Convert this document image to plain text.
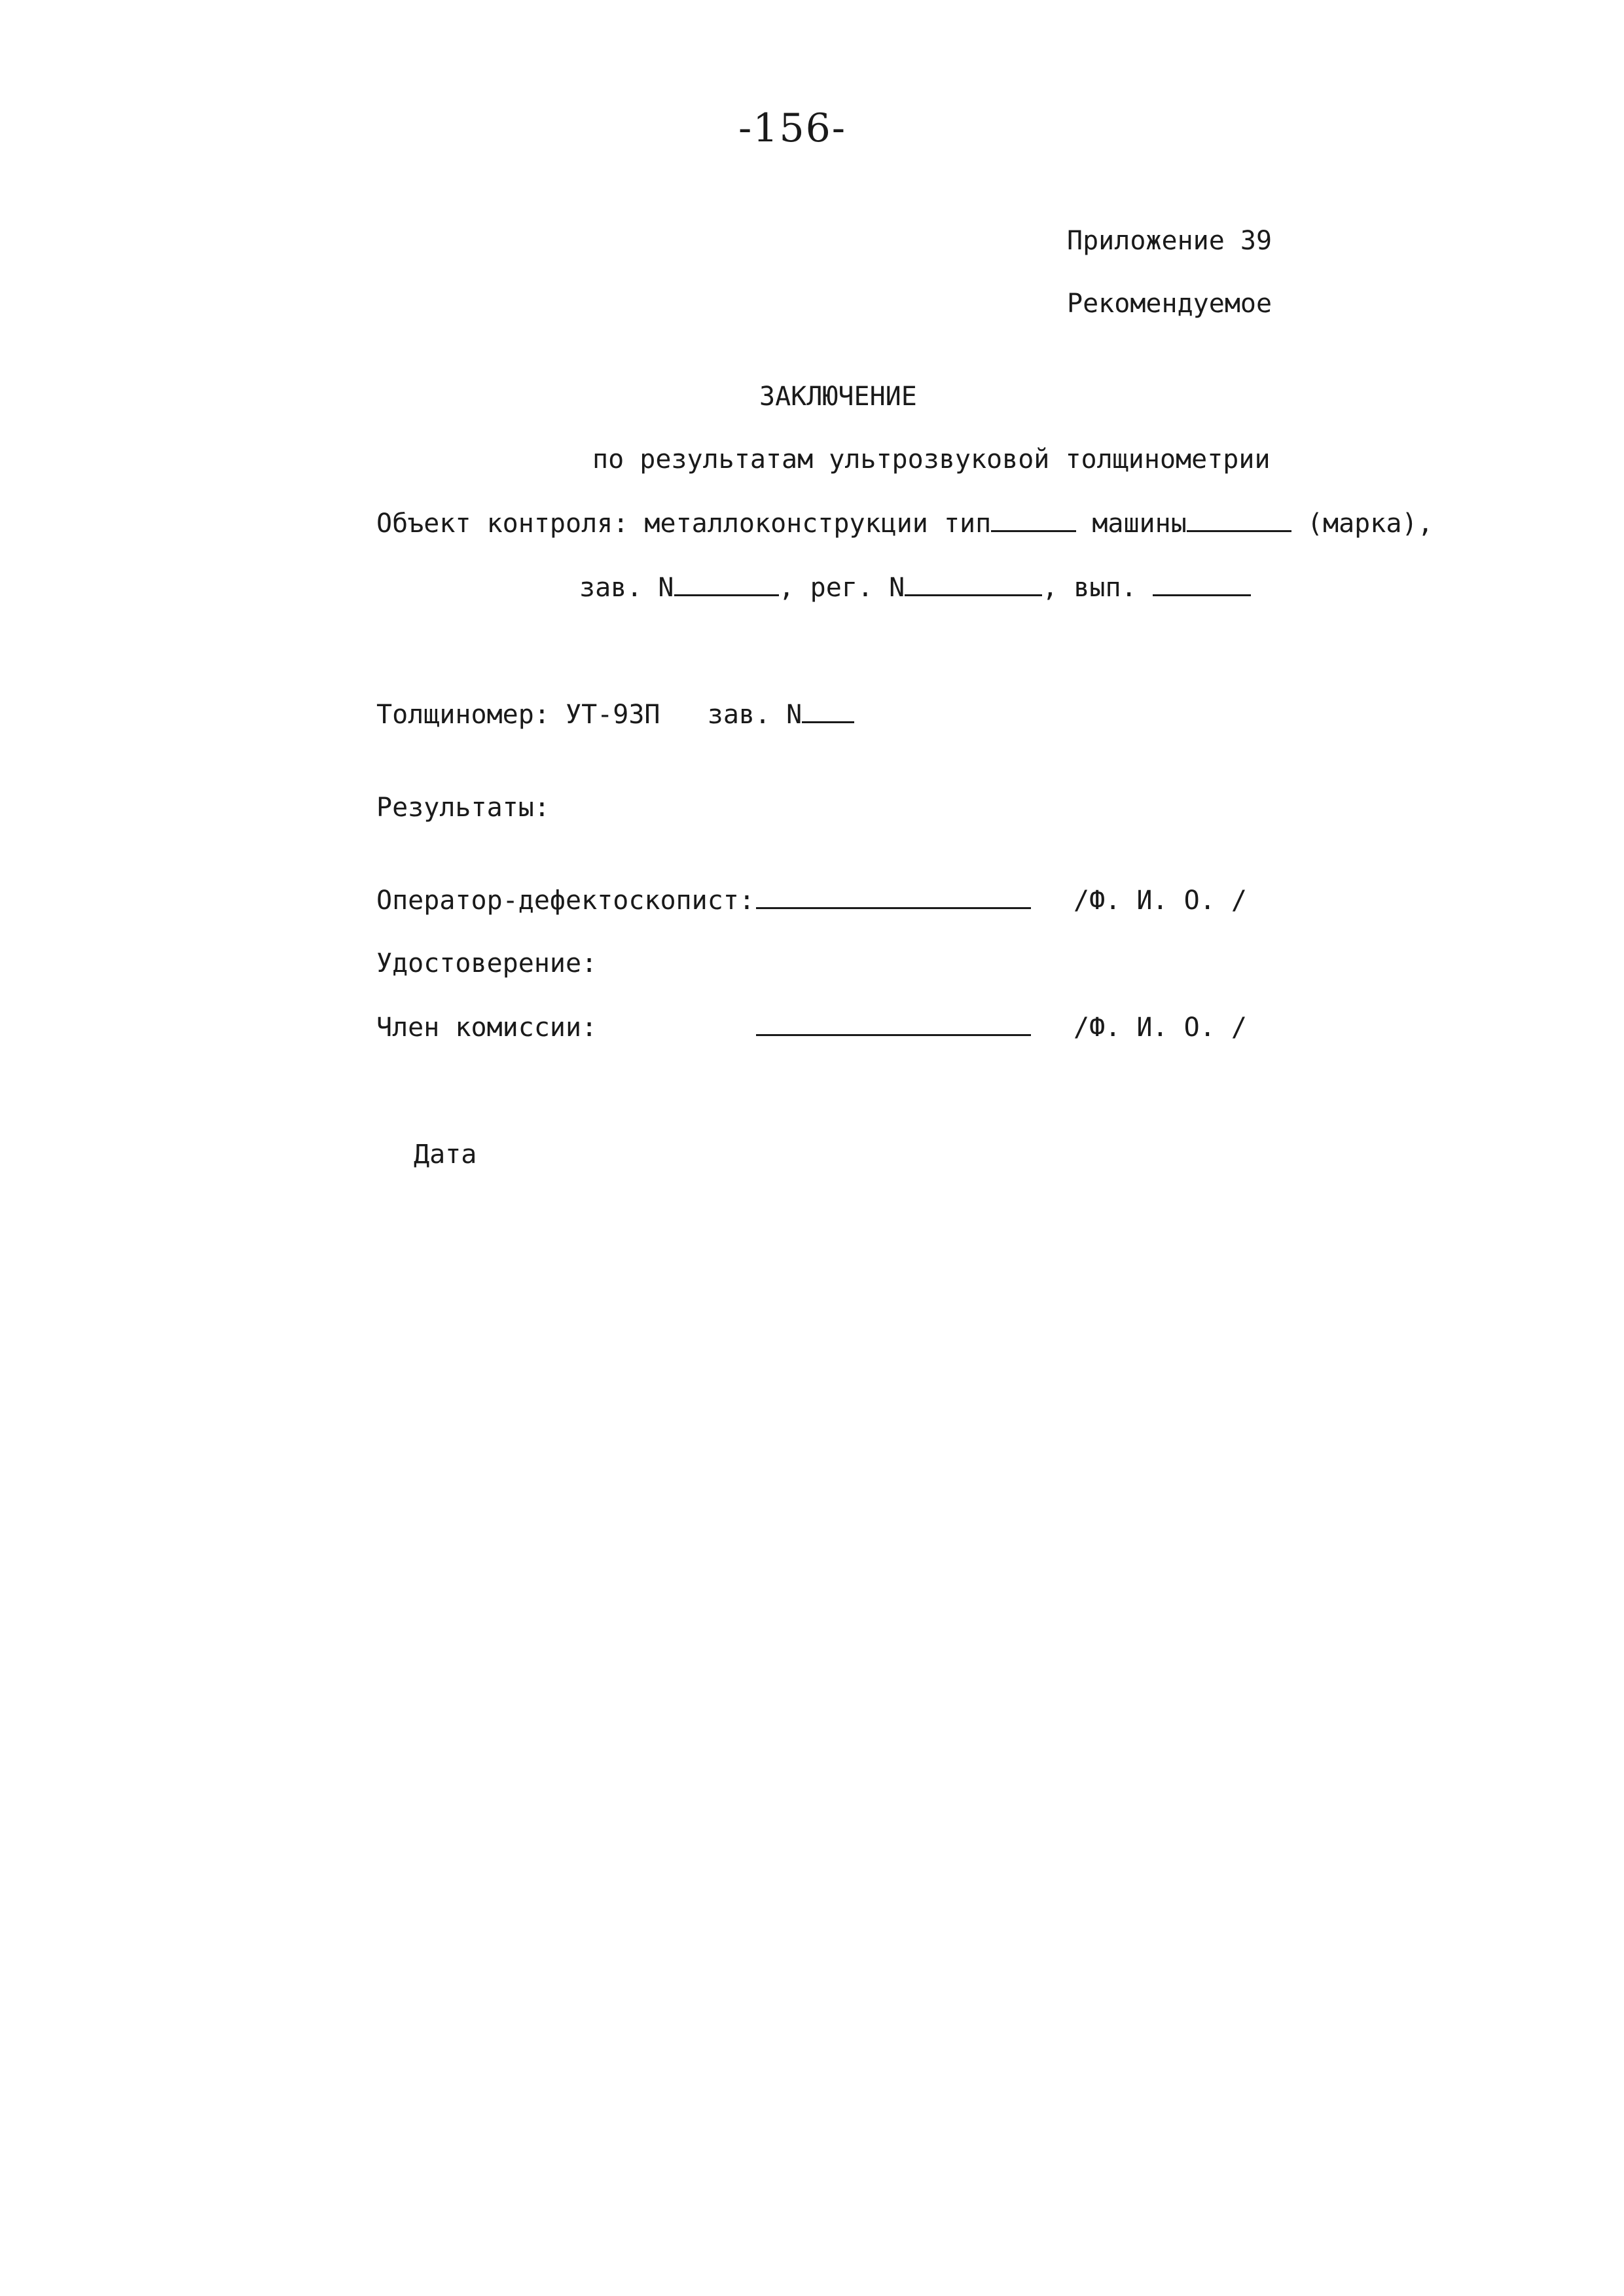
-156-
Приложение 39
Рекомендуемое
ЗАКЛЮЧЕНИЕ
по результатам ультрозвуковой толщинометрии
Объект контроля: металлоконструкции тип	машины	(марка),
зав. N	, рег. N	, вып.
Толщиномер: УТ-93П зав. N
Результаты:
Оператор-дефектоскопист:	/Ф. И. О. /
Удостоверение:
Член комиссии:	/Ф. И. О. /
Дата
